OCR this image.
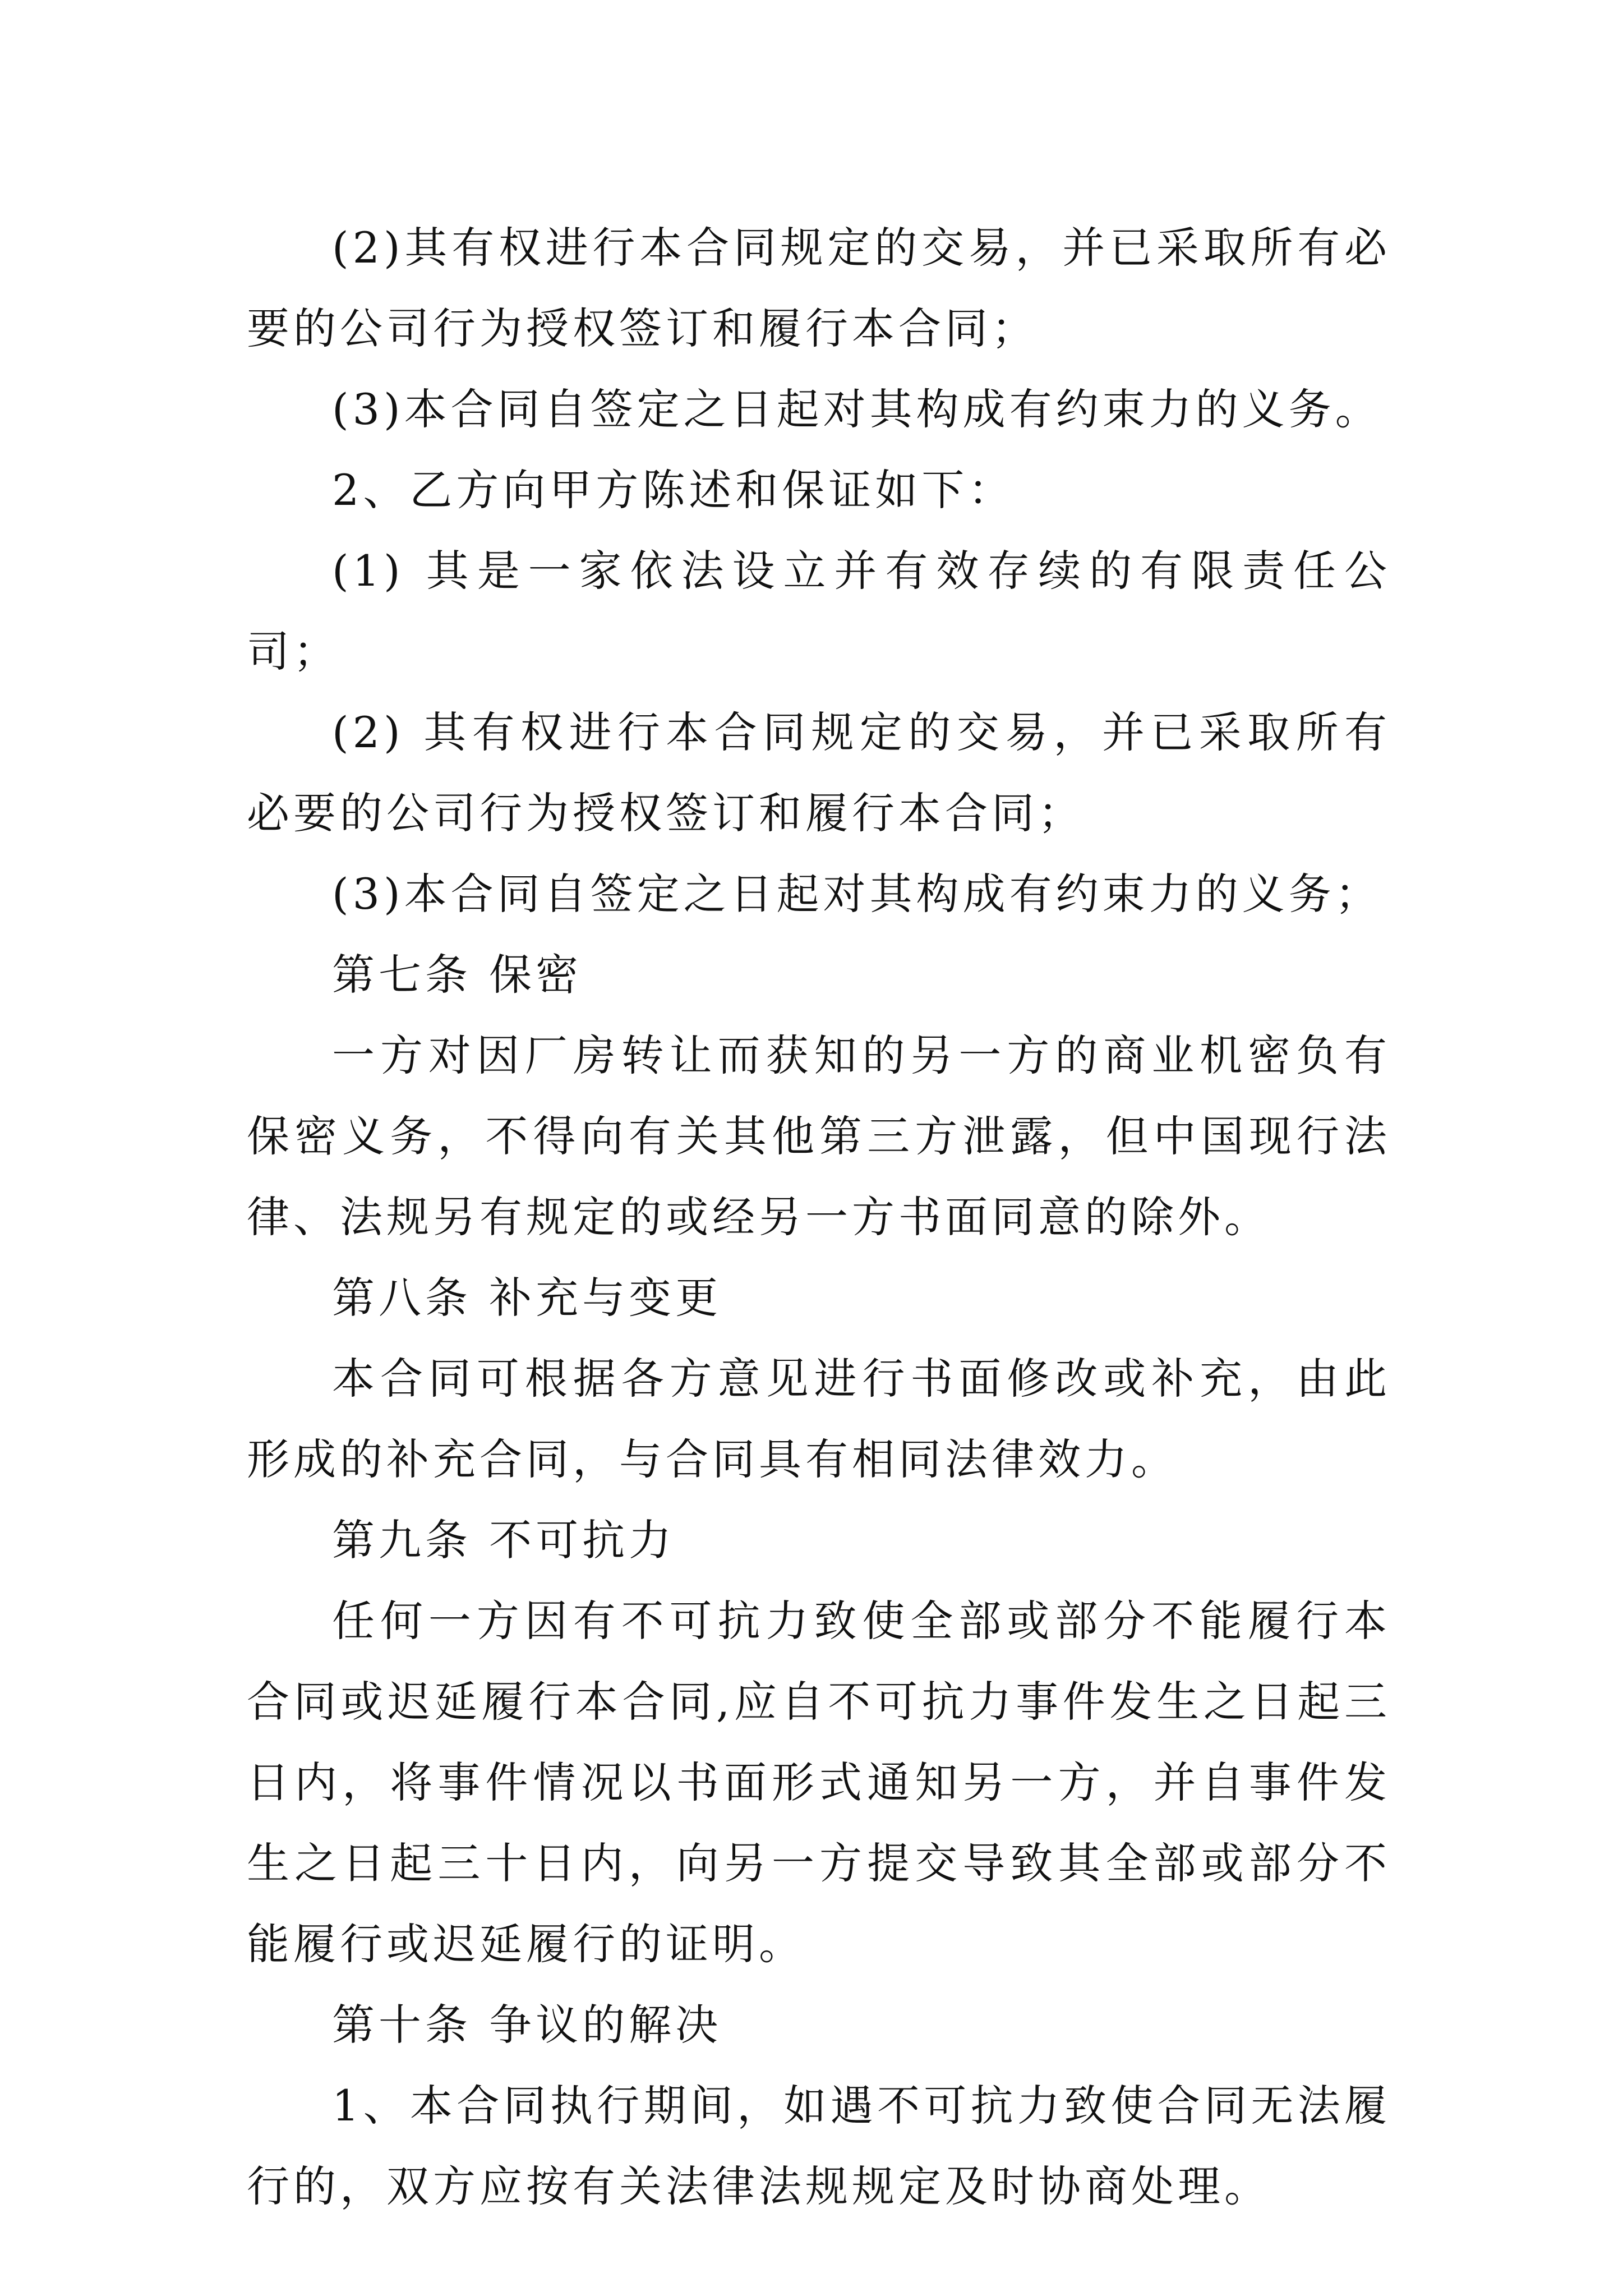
(2)其有权进行本合同规定的交易，并已采取所有必要的公司行为授权签订和履行本合同；

(3)本合同自签定之日起对其构成有约束力的义务。

2、乙方向甲方陈述和保证如下：

(1) 其是一家依法设立并有效存续的有限责任公司；

(2) 其有权进行本合同规定的交易，并已采取所有必要的公司行为授权签订和履行本合同；

(3)本合同自签定之日起对其构成有约束力的义务；

第七条 保密

一方对因厂房转让而获知的另一方的商业机密负有保密义务，不得向有关其他第三方泄露，但中国现行法律、法规另有规定的或经另一方书面同意的除外。

第八条 补充与变更

本合同可根据各方意见进行书面修改或补充，由此形成的补充合同，与合同具有相同法律效力。

第九条 不可抗力

任何一方因有不可抗力致使全部或部分不能履行本合同或迟延履行本合同,应自不可抗力事件发生之日起三日内，将事件情况以书面形式通知另一方，并自事件发生之日起三十日内，向另一方提交导致其全部或部分不能履行或迟延履行的证明。

第十条 争议的解决

1、本合同执行期间，如遇不可抗力致使合同无法履行的，双方应按有关法律法规规定及时协商处理。
